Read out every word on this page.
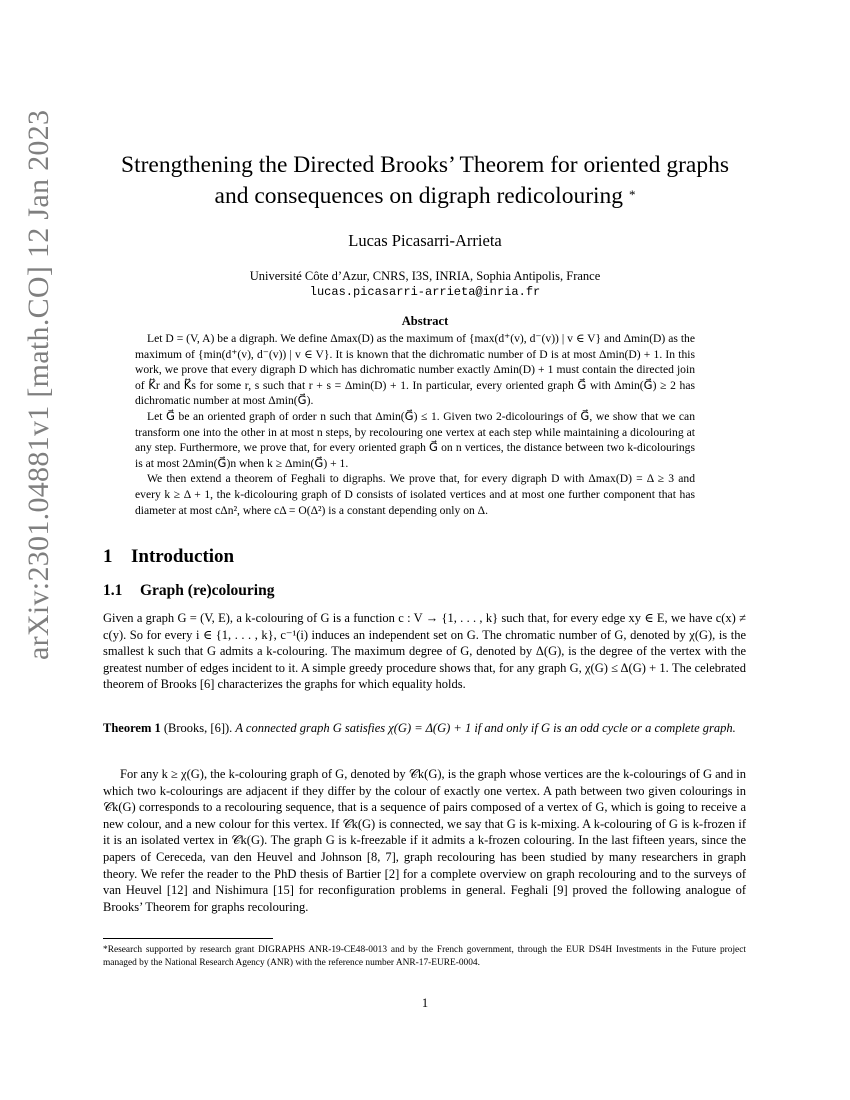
arXiv:2301.04881v1 [math.CO] 12 Jan 2023	Strengthening the Directed Brooks’ Theorem for oriented graphs
and consequences on digraph redicolouring *
Lucas Picasarri-Arrieta
Université Côte d’Azur, CNRS, I3S, INRIA, Sophia Antipolis, France
lucas.picasarri-arrieta@inria.fr
Abstract

Let D = (V, A) be a digraph. We define Δmax(D) as the maximum of {max(d⁺(v), d⁻(v)) | v ∈ V} and Δmin(D) as the maximum of {min(d⁺(v), d⁻(v)) | v ∈ V}. It is known that the dichromatic number of D is at most Δmin(D) + 1. In this work, we prove that every digraph D which has dichromatic number exactly Δmin(D) + 1 must contain the directed join of K⃡r and K⃡s for some r, s such that r + s = Δmin(D) + 1. In particular, every oriented graph G⃗ with Δmin(G⃗) ≥ 2 has dichromatic number at most Δmin(G⃗).

Let G⃗ be an oriented graph of order n such that Δmin(G⃗) ≤ 1. Given two 2-dicolourings of G⃗, we show that we can transform one into the other in at most n steps, by recolouring one vertex at each step while maintaining a dicolouring at any step. Furthermore, we prove that, for every oriented graph G⃗ on n vertices, the distance between two k-dicolourings is at most 2Δmin(G⃗)n when k ≥ Δmin(G⃗) + 1.

We then extend a theorem of Feghali to digraphs. We prove that, for every digraph D with Δmax(D) = Δ ≥ 3 and every k ≥ Δ + 1, the k-dicolouring graph of D consists of isolated vertices and at most one further component that has diameter at most cΔn², where cΔ = O(Δ²) is a constant depending only on Δ.

1 Introduction
1.1 Graph (re)colouring

Given a graph G = (V, E), a k-colouring of G is a function c : V → {1, . . . , k} such that, for every edge xy ∈ E, we have c(x) ≠ c(y). So for every i ∈ {1, . . . , k}, c⁻¹(i) induces an independent set on G. The chromatic number of G, denoted by χ(G), is the smallest k such that G admits a k-colouring. The maximum degree of G, denoted by Δ(G), is the degree of the vertex with the greatest number of edges incident to it. A simple greedy procedure shows that, for any graph G, χ(G) ≤ Δ(G) + 1. The celebrated theorem of Brooks [6] characterizes the graphs for which equality holds.

Theorem 1 (Brooks, [6]). A connected graph G satisfies χ(G) = Δ(G) + 1 if and only if G is an odd cycle or a complete graph.

For any k ≥ χ(G), the k-colouring graph of G, denoted by 𝒞k(G), is the graph whose vertices are the k-colourings of G and in which two k-colourings are adjacent if they differ by the colour of exactly one vertex. A path between two given colourings in 𝒞k(G) corresponds to a recolouring sequence, that is a sequence of pairs composed of a vertex of G, which is going to receive a new colour, and a new colour for this vertex. If 𝒞k(G) is connected, we say that G is k-mixing. A k-colouring of G is k-frozen if it is an isolated vertex in 𝒞k(G). The graph G is k-freezable if it admits a k-frozen colouring. In the last fifteen years, since the papers of Cereceda, van den Heuvel and Johnson [8, 7], graph recolouring has been studied by many researchers in graph theory. We refer the reader to the PhD thesis of Bartier [2] for a complete overview on graph recolouring and to the surveys of van Heuvel [12] and Nishimura [15] for reconfiguration problems in general. Feghali [9] proved the following analogue of Brooks’ Theorem for graphs recolouring.

*Research supported by research grant DIGRAPHS ANR-19-CE48-0013 and by the French government, through the EUR DS4H Investments in the Future project managed by the National Research Agency (ANR) with the reference number ANR-17-EURE-0004.
1
